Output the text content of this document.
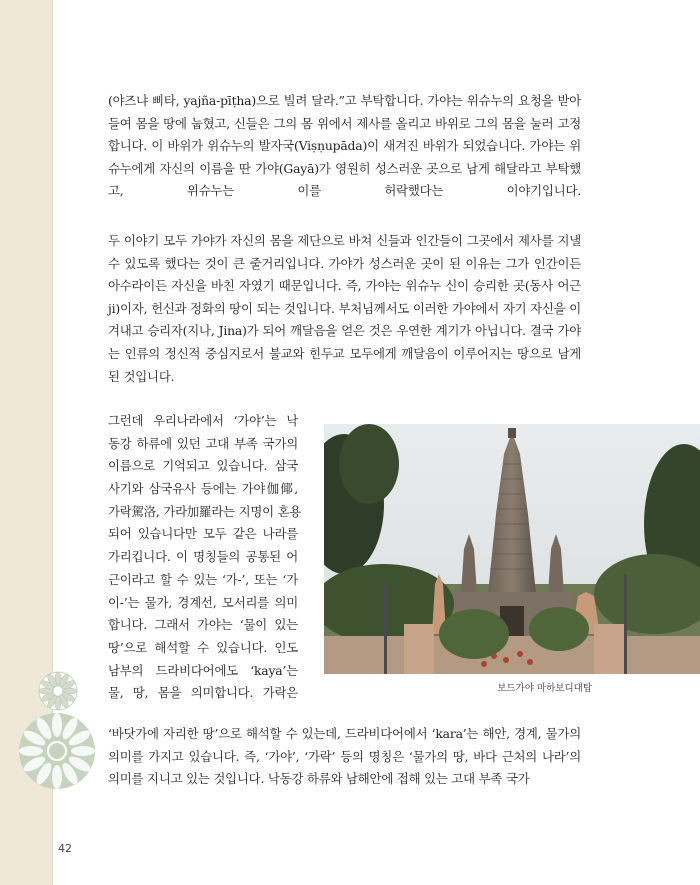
(야즈냐 삐타, yajña-pīṭha)으로 빌려 달라.”고 부탁합니다. 가야는 위슈누의 요청을 받아들여 몸을 땅에 눕혔고, 신들은 그의 몸 위에서 제사를 올리고 바위로 그의 몸을 눌러 고정합니다. 이 바위가 위슈누의 발자국(Viṣṇupāda)이 새겨진 바위가 되었습니다. 가야는 위슈누에게 자신의 이름을 딴 가야(Gayā)가 영원히 성스러운 곳으로 남게 해달라고 부탁했고, 위슈누는 이를 허락했다는 이야기입니다.

두 이야기 모두 가야가 자신의 몸을 제단으로 바쳐 신들과 인간들이 그곳에서 제사를 지낼 수 있도록 했다는 것이 큰 줄거리입니다. 가야가 성스러운 곳이 된 이유는 그가 인간이든 아수라이든 자신을 바친 자였기 때문입니다. 즉, 가야는 위슈누 신이 승리한 곳(동사 어근 ji)이자, 헌신과 정화의 땅이 되는 것입니다. 부처님께서도 이러한 가야에서 자기 자신을 이겨내고 승리자(지나, Jina)가 되어 깨달음을 얻은 것은 우연한 계기가 아닙니다. 결국 가야는 인류의 정신적 중심지로서 불교와 힌두교 모두에게 깨달음이 이루어지는 땅으로 남게 된 것입니다.

그런데 우리나라에서 ‘가야’는 낙
동강 하류에 있던 고대 부족 국가의
이름으로 기억되고 있습니다. 삼국
사기와 삼국유사 등에는 가야伽倻,
가락駕洛, 가라加羅라는 지명이 혼용
되어 있습니다만 모두 같은 나라를
가리킵니다. 이 명칭들의 공통된 어
근이라고 할 수 있는 ‘가-’, 또는 ‘가
이-’는 물가, 경계선, 모서리를 의미
합니다. 그래서 가야는 ‘물이 있는
땅’으로 해석할 수 있습니다. 인도
남부의 드라비다어에도 ‘kaya’는
물, 땅, 몸을 의미합니다. 가락은

‘바닷가에 자리한 땅’으로 해석할 수 있는데, 드라비다어에서 ‘kara’는 해안, 경계, 물가의 의미를 가지고 있습니다. 즉, ‘가야’, ‘가락’ 등의 명칭은 ‘물가의 땅, 바다 근처의 나라’의 의미를 지니고 있는 것입니다. 낙동강 하류와 남해안에 접해 있는 고대 부족 국가

보드가야 마하보디대탑
42
